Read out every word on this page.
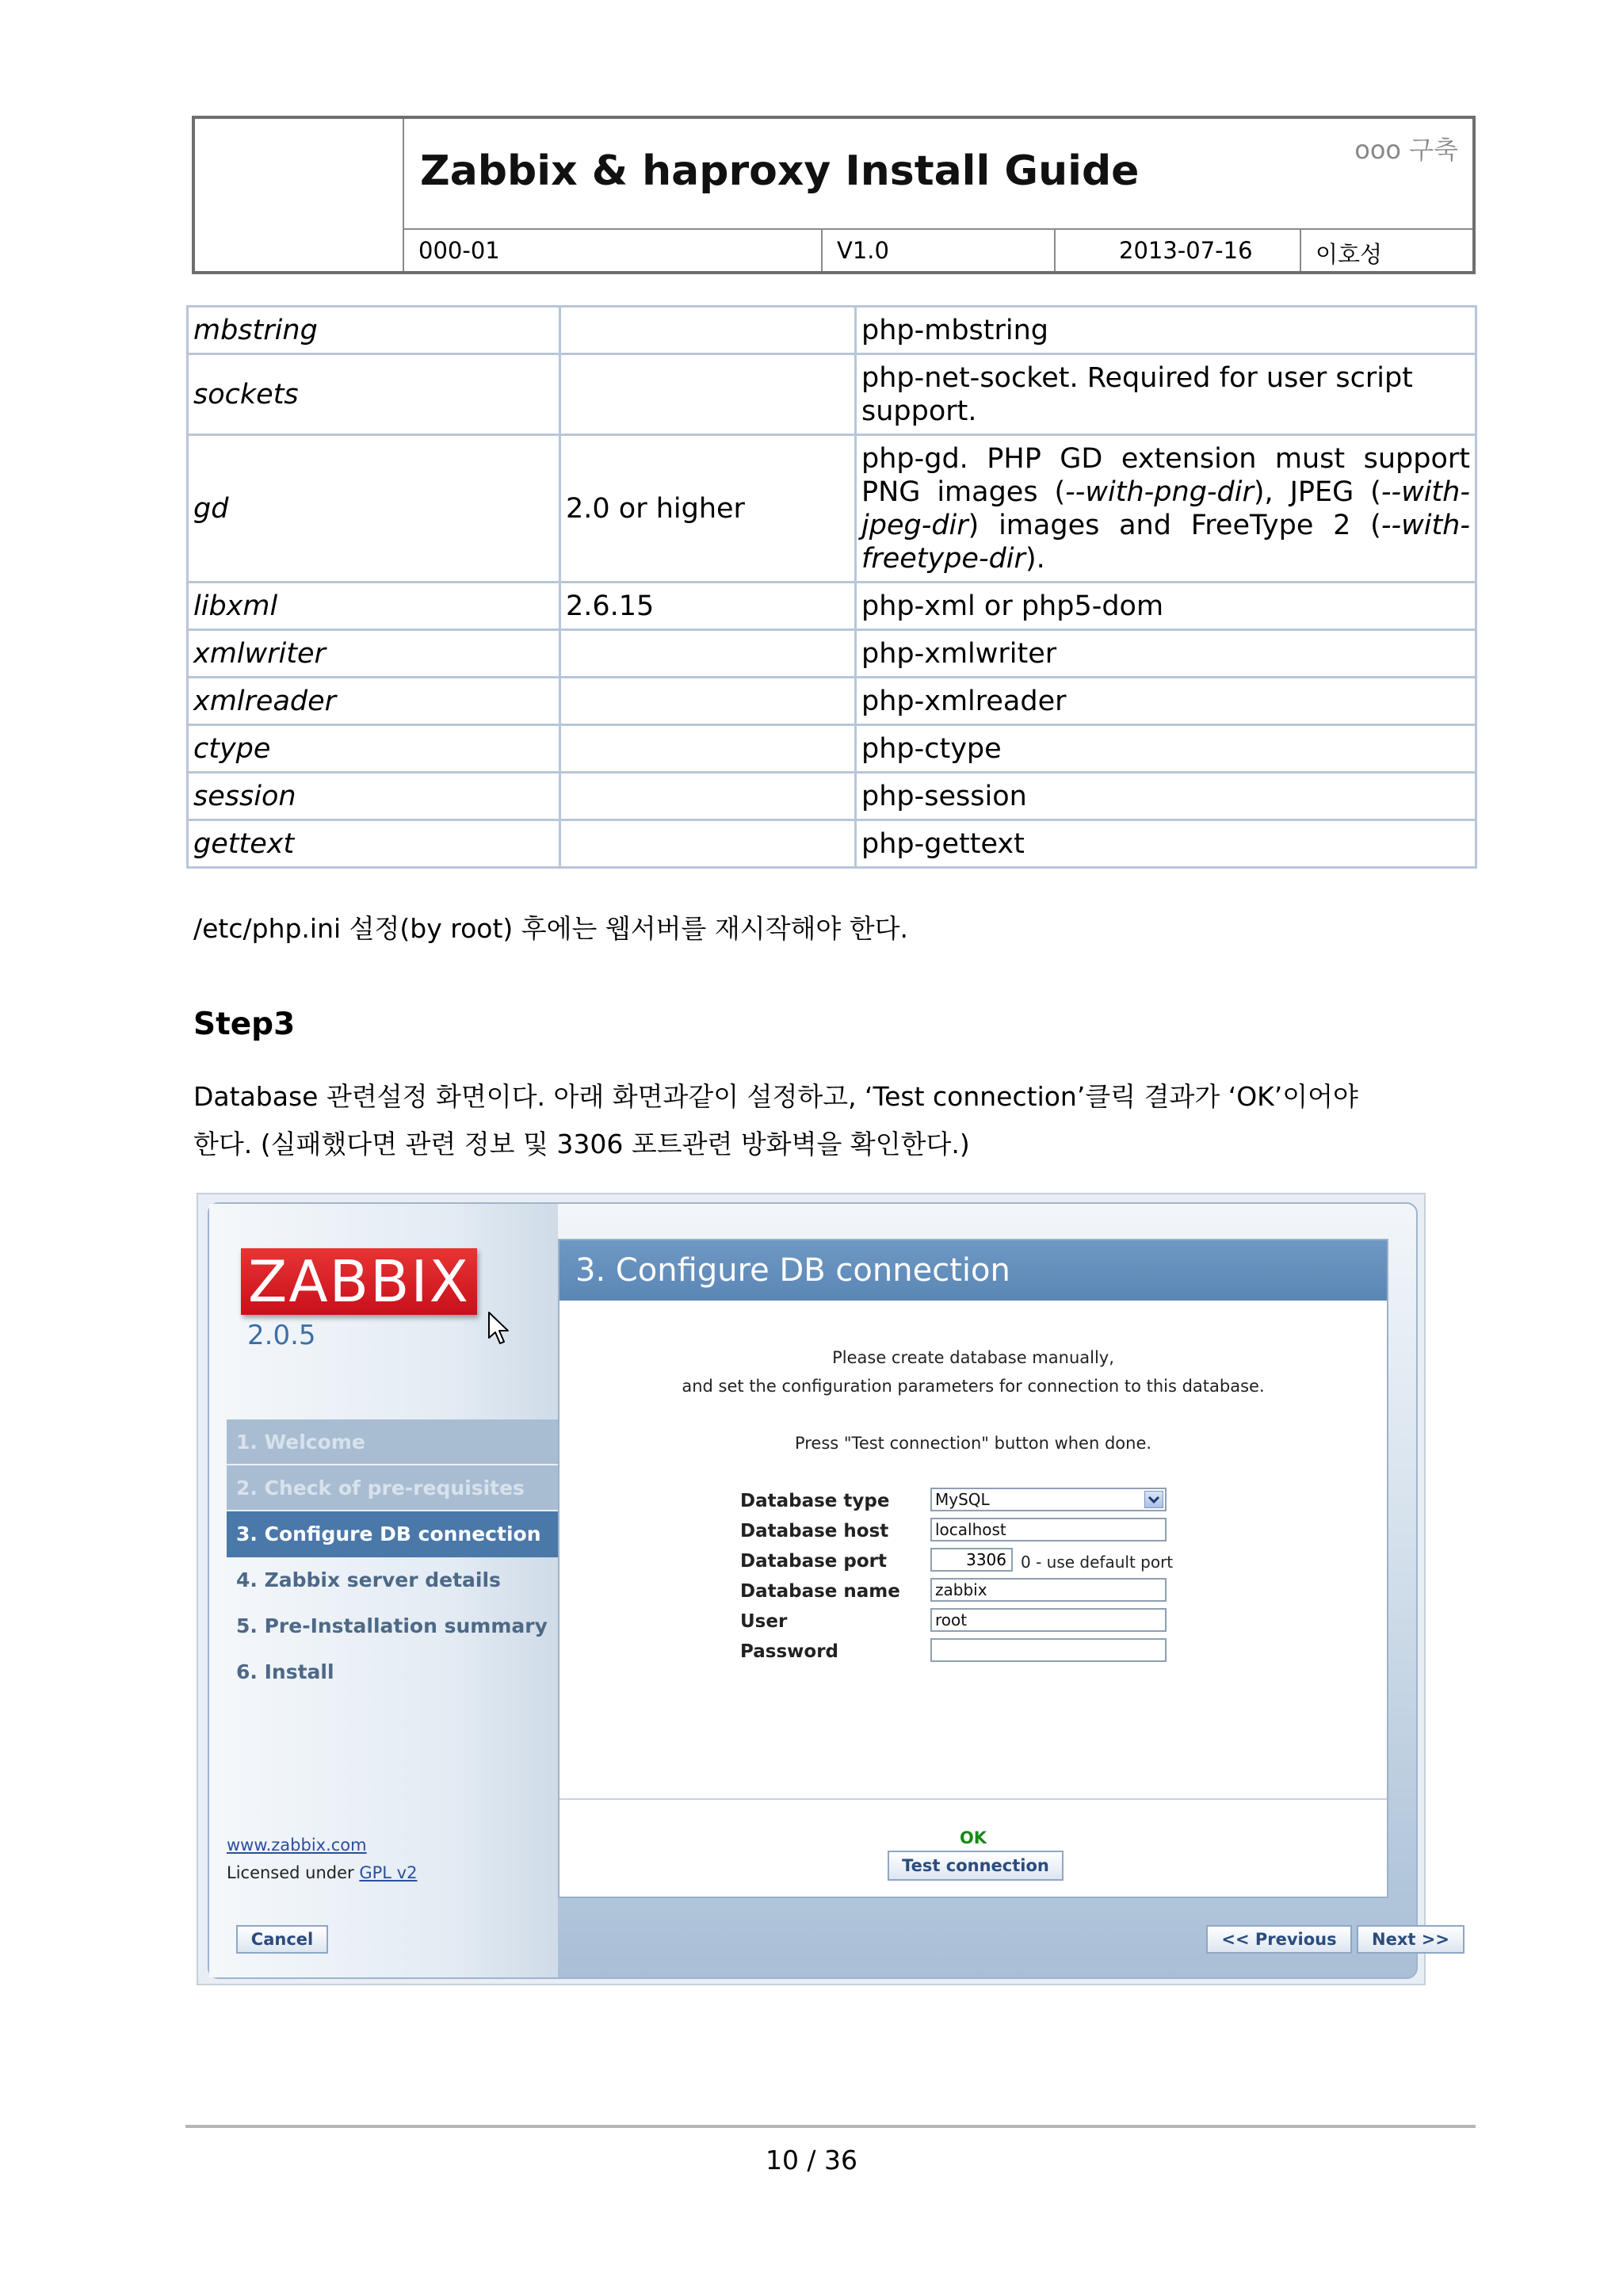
Zabbix & haproxy Install Guide	ooo 구축
000-01	V1.0	2013-07-16	이호성
mbstring		php-mbstring
sockets		php-net-socket. Required for user script support.
gd	2.0 or higher	php-gd. PHP GD extension must support PNG images (--with-png-dir), JPEG (--with-jpeg-dir) images and FreeType 2 (--with-freetype-dir).
libxml	2.6.15	php-xml or php5-dom
xmlwriter		php-xmlwriter
xmlreader		php-xmlreader
ctype		php-ctype
session		php-session
gettext		php-gettext
/etc/php.ini 설정(by root) 후에는 웹서버를 재시작해야 한다.
Step3
Database 관련설정 화면이다. 아래 화면과같이 설정하고, ‘Test connection’클릭 결과가 ‘OK’이어야
한다. (실패했다면 관련 정보 및 3306 포트관련 방화벽을 확인한다.)
ZABBIX
2.0.5
1. Welcome
2. Check of pre-requisites
3. Configure DB connection
4. Zabbix server details
5. Pre-Installation summary
6. Install
www.zabbix.com
Licensed under GPL v2
3. Configure DB connection
Please create database manually,
and set the configuration parameters for connection to this database.
Press "Test connection" button when done.
Database type	MySQL
Database host	localhost
Database port	3306 0 - use default port
Database name	zabbix
User	root
Password
OK
Test connection
Cancel	<< Previous	Next >>
10 / 36
